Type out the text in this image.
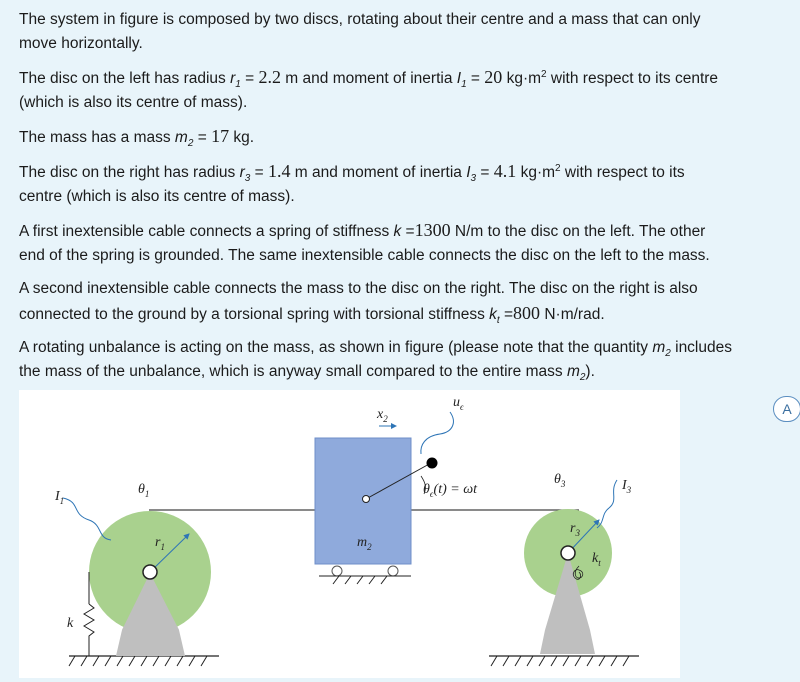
The system in figure is composed by two discs, rotating about their centre and a mass that can only

move horizontally.

The disc on the left has radius $r_1 = 2.2$ m and moment of inertia $I_1 = 20$ $kg\cdot m^2$ with respect to its centre

(which is also its centre of mass).

The mass has a mass $m_2 = 17$ kg.

The disc on the right has radius $r_3 = 1.4$ m and moment of inertia $I_3 = 4.1$ $kg\cdot m^2$ with respect to its

centre (which is also its centre of mass).

A first inextensible cable connects a spring of stiffness k =1300 N/m to the disc on the left. The other

end of the spring is grounded. The same inextensible cable connects the disc on the left to the mass.

A second inextensible cable connects the mass to the disc on the right. The disc on the right is also

connected to the ground by a torsional spring with torsional stiffness $k_t =800$ N·m/rad.

A rotating unbalance is acting on the mass, as shown in figure (please note that the quantity $m_2$ includes

the mass of the unbalance, which is anyway small compared to the entire mass $m_2$).

$I_1$
$\theta_1$
$r_1$
k
$x_2$
$u_\epsilon$
$\theta_\epsilon(t) = \omega t$
$m_2$
$\theta_3$	$I_3$
$r_3$
$k_t$
A
